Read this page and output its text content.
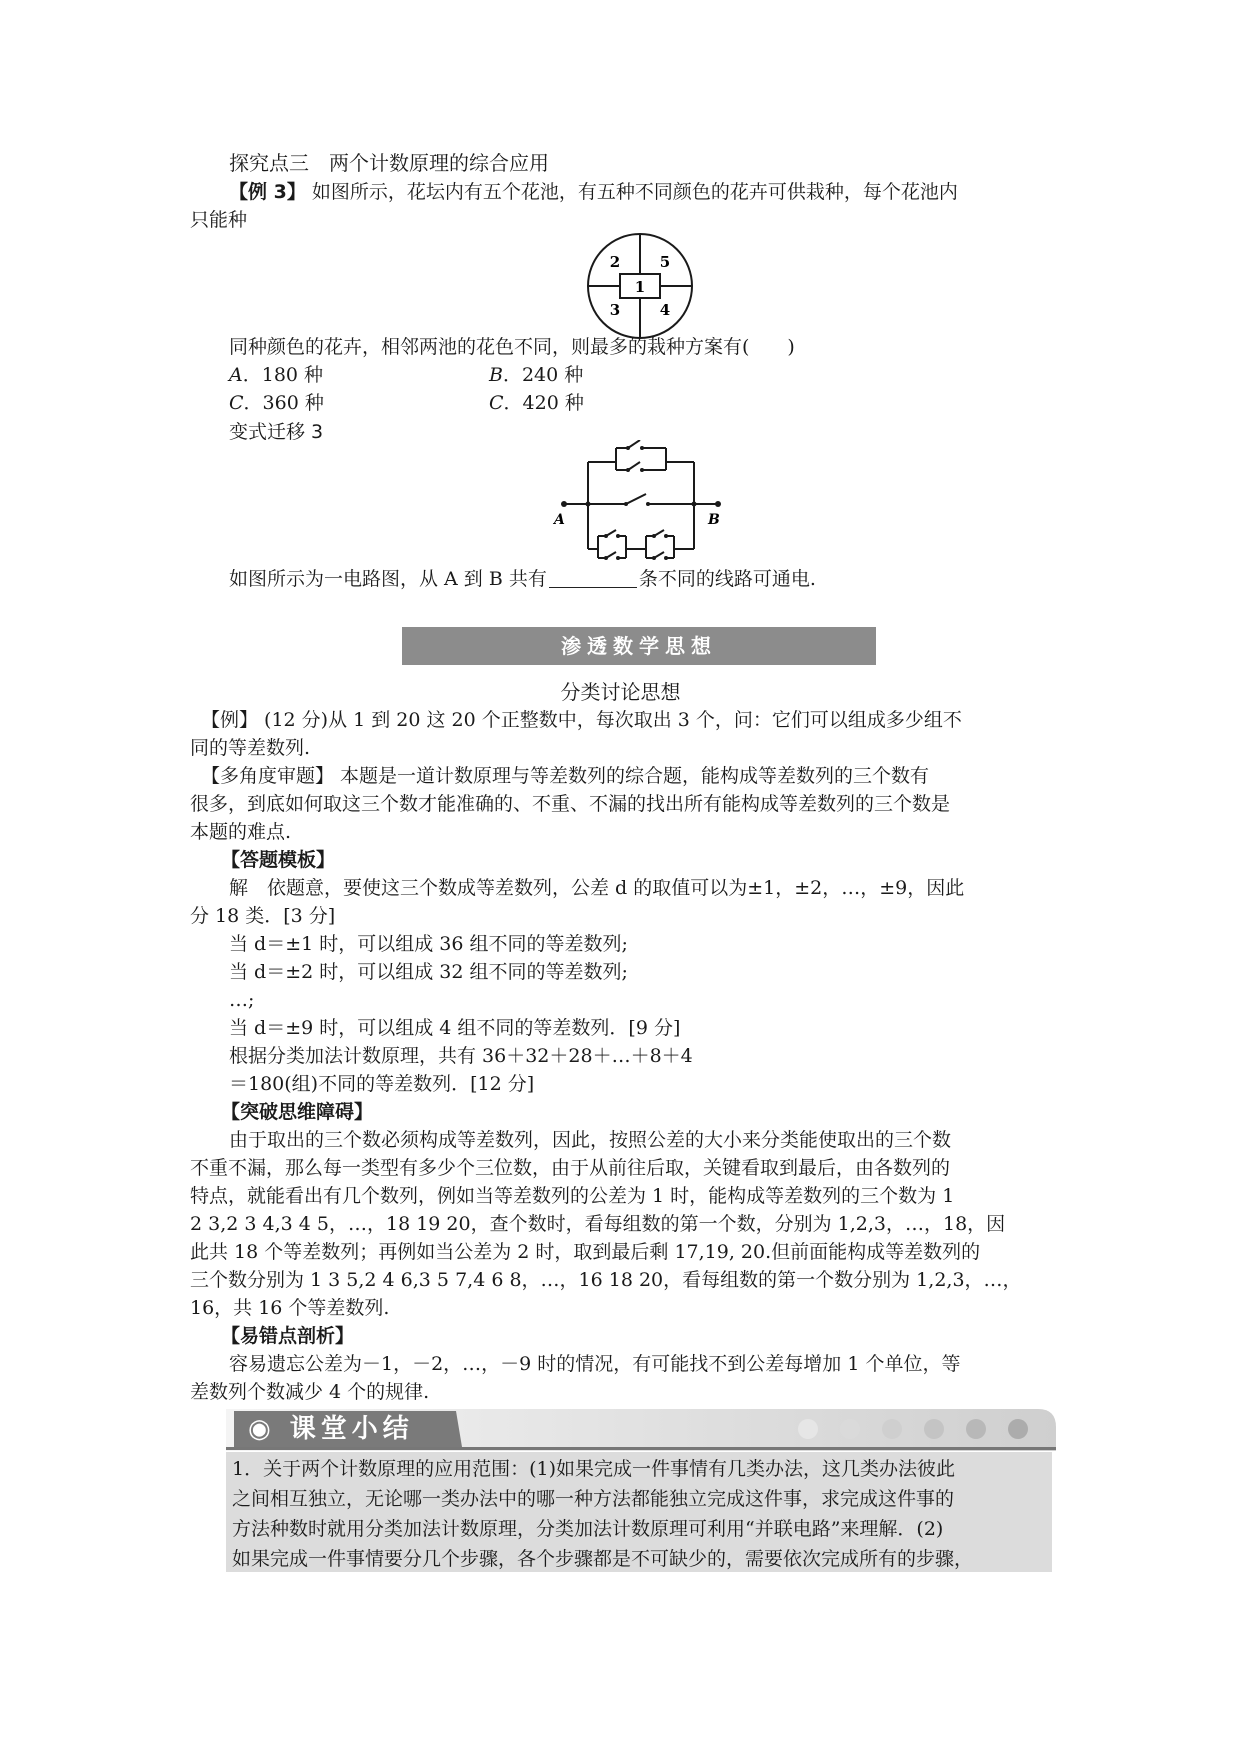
探究点三　两个计数原理的综合应用
【例 3】 如图所示，花坛内有五个花池，有五种不同颜色的花卉可供栽种，每个花池内
只能种
1
2	5
3	4
同种颜色的花卉，相邻两池的花色不同，则最多的栽种方案有(　　)
A．180 种	B．240 种
C．360 种	C．420 种
变式迁移 3
A	B
如图所示为一电路图，从 A 到 B 共有	条不同的线路可通电.
渗透数学思想
分类讨论思想
【例】 (12 分)从 1 到 20 这 20 个正整数中，每次取出 3 个，问：它们可以组成多少组不
同的等差数列.
【多角度审题】 本题是一道计数原理与等差数列的综合题，能构成等差数列的三个数有
很多，到底如何取这三个数才能准确的、不重、不漏的找出所有能构成等差数列的三个数是
本题的难点.
【答题模板】
解　依题意，要使这三个数成等差数列，公差 d 的取值可以为±1，±2，…，±9，因此
分 18 类．[3 分]
当 d＝±1 时，可以组成 36 组不同的等差数列;
当 d＝±2 时，可以组成 32 组不同的等差数列;
…;
当 d＝±9 时，可以组成 4 组不同的等差数列．[9 分]
根据分类加法计数原理，共有 36＋32＋28＋…＋8＋4
＝180(组)不同的等差数列．[12 分]
【突破思维障碍】
由于取出的三个数必须构成等差数列，因此，按照公差的大小来分类能使取出的三个数
不重不漏，那么每一类型有多少个三位数，由于从前往后取，关键看取到最后，由各数列的
特点，就能看出有几个数列，例如当等差数列的公差为 1 时，能构成等差数列的三个数为 1
2 3,2 3 4,3 4 5，…，18 19 20，查个数时，看每组数的第一个数，分别为 1,2,3，…，18，因
此共 18 个等差数列；再例如当公差为 2 时，取到最后剩 17,19, 20.但前面能构成等差数列的
三个数分别为 1 3 5,2 4 6,3 5 7,4 6 8，…，16 18 20，看每组数的第一个数分别为 1,2,3，…，
16，共 16 个等差数列.
【易错点剖析】
容易遗忘公差为－1，－2，…，－9 时的情况，有可能找不到公差每增加 1 个单位，等
差数列个数减少 4 个的规律.
◉ 课堂小结
1．关于两个计数原理的应用范围：(1)如果完成一件事情有几类办法，这几类办法彼此
之间相互独立，无论哪一类办法中的哪一种方法都能独立完成这件事，求完成这件事的
方法种数时就用分类加法计数原理，分类加法计数原理可利用“并联电路”来理解．(2)
如果完成一件事情要分几个步骤，各个步骤都是不可缺少的，需要依次完成所有的步骤，
